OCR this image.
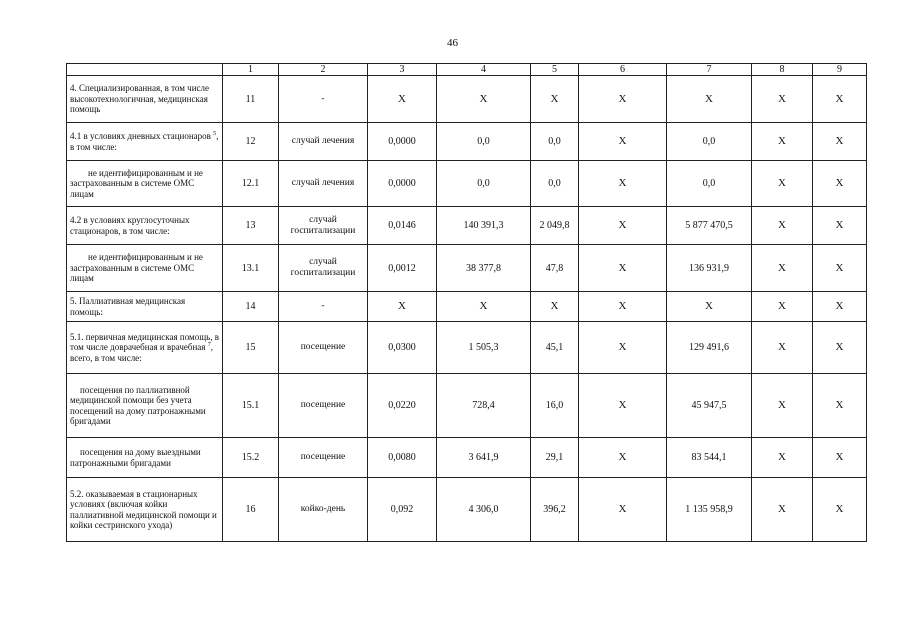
46
	1	2	3	4	5	6	7	8	9
4. Специализированная, в том числе высокотехнологичная, медицинская помощь	11	-	X	X	X	X	X	X	X
4.1 в условиях дневных стационаров $^5$, в том числе:	12	случай лечения	0,0000	0,0	0,0	X	0,0	X	X
не идентифицированным и не застрахованным в системе ОМС лицам	12.1	случай лечения	0,0000	0,0	0,0	X	0,0	X	X
4.2 в условиях круглосуточных стационаров, в том числе:	13	случай госпитализации	0,0146	140 391,3	2 049,8	X	5 877 470,5	X	X
не идентифицированным и не застрахованным в системе ОМС лицам	13.1	случай госпитализации	0,0012	38 377,8	47,8	X	136 931,9	X	X
5. Паллиативная медицинская помощь:	14	-	X	X	X	X	X	X	X
5.1. первичная медицинская помощь, в том числе доврачебная и врачебная $^7$, всего, в том числе:	15	посещение	0,0300	1 505,3	45,1	X	129 491,6	X	X
посещения по паллиативной медицинской помощи без учета посещений на дому патронажными бригадами	15.1	посещение	0,0220	728,4	16,0	X	45 947,5	X	X
посещения на дому выездными патронажными бригадами	15.2	посещение	0,0080	3 641,9	29,1	X	83 544,1	X	X
5.2. оказываемая в стационарных условиях (включая койки паллиативной медицинской помощи и койки сестринского ухода)	16	койко-день	0,092	4 306,0	396,2	X	1 135 958,9	X	X
